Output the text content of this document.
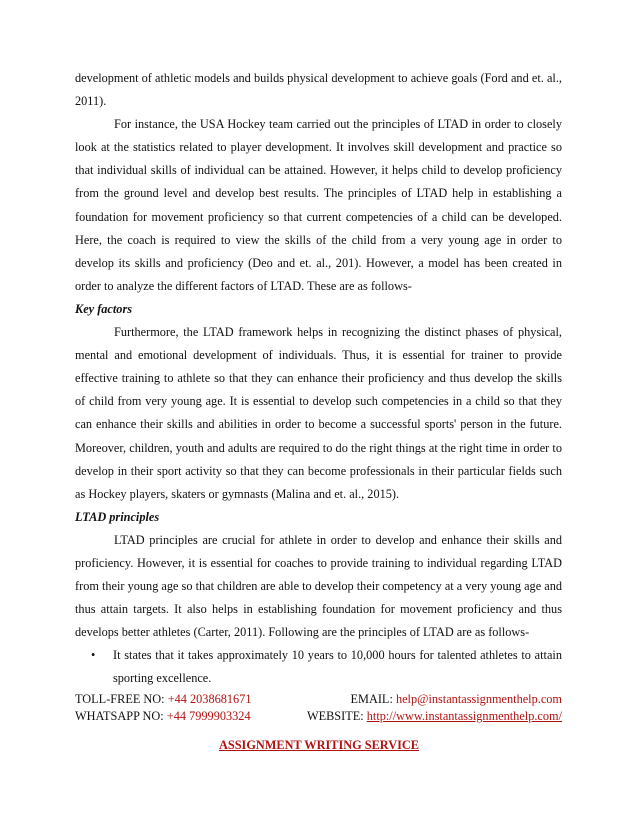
development of athletic models and builds physical development to achieve goals (Ford and et. al., 2011).

For instance, the USA Hockey team carried out the principles of LTAD in order to closely look at the statistics related to player development. It involves skill development and practice so that individual skills of individual can be attained. However, it helps child to develop proficiency from the ground level and develop best results. The principles of LTAD help in establishing a foundation for movement proficiency so that current competencies of a child can be developed. Here, the coach is required to view the skills of the child from a very young age in order to develop its skills and proficiency (Deo and et. al., 201). However, a model has been created in order to analyze the different factors of LTAD. These are as follows-

Key factors

Furthermore, the LTAD framework helps in recognizing the distinct phases of physical, mental and emotional development of individuals. Thus, it is essential for trainer to provide effective training to athlete so that they can enhance their proficiency and thus develop the skills of child from very young age. It is essential to develop such competencies in a child so that they can enhance their skills and abilities in order to become a successful sports' person in the future. Moreover, children, youth and adults are required to do the right things at the right time in order to develop in their sport activity so that they can become professionals in their particular fields such as Hockey players, skaters or gymnasts (Malina and et. al., 2015).

LTAD principles

LTAD principles are crucial for athlete in order to develop and enhance their skills and proficiency. However, it is essential for coaches to provide training to individual regarding LTAD from their young age so that children are able to develop their competency at a very young age and thus attain targets. It also helps in establishing foundation for movement proficiency and thus develops better athletes (Carter, 2011). Following are the principles of LTAD are as follows-

• It states that it takes approximately 10 years to 10,000 hours for talented athletes to attain sporting excellence.
TOLL-FREE NO: +44 2038681671	EMAIL: help@instantassignmenthelp.com
WHATSAPP NO: +44 7999903324	WEBSITE: http://www.instantassignmenthelp.com/
ASSIGNMENT WRITING SERVICE
